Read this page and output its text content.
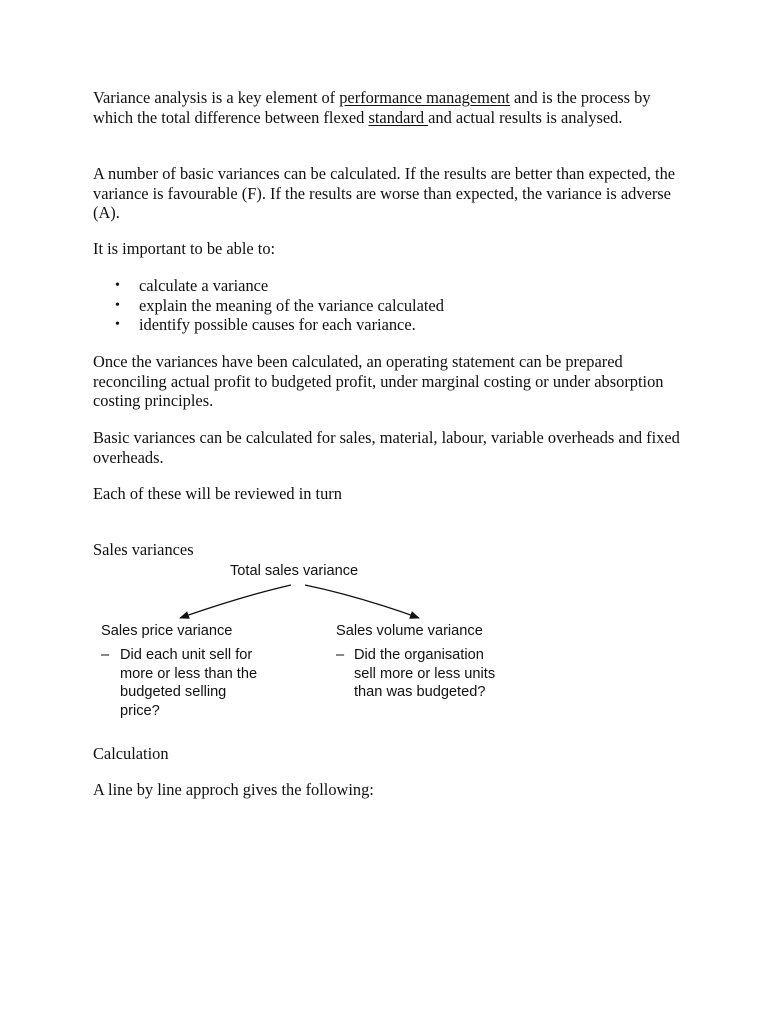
Variance analysis is a key element of performance management and is the process by which the total difference between flexed standard and actual results is analysed.

A number of basic variances can be calculated. If the results are better than expected, the variance is favourable (F). If the results are worse than expected, the variance is adverse (A).

It is important to be able to:

• calculate a variance
• explain the meaning of the variance calculated
• identify possible causes for each variance.

Once the variances have been calculated, an operating statement can be prepared reconciling actual profit to budgeted profit, under marginal costing or under absorption costing principles.

Basic variances can be calculated for sales, material, labour, variable overheads and fixed overheads.

Each of these will be reviewed in turn

Sales variances

Total sales variance
Sales price variance
– Did each unit sell for
more or less than the
budgeted selling
price?
Sales volume variance
– Did the organisation
sell more or less units
than was budgeted?

Calculation

A line by line approch gives the following:
